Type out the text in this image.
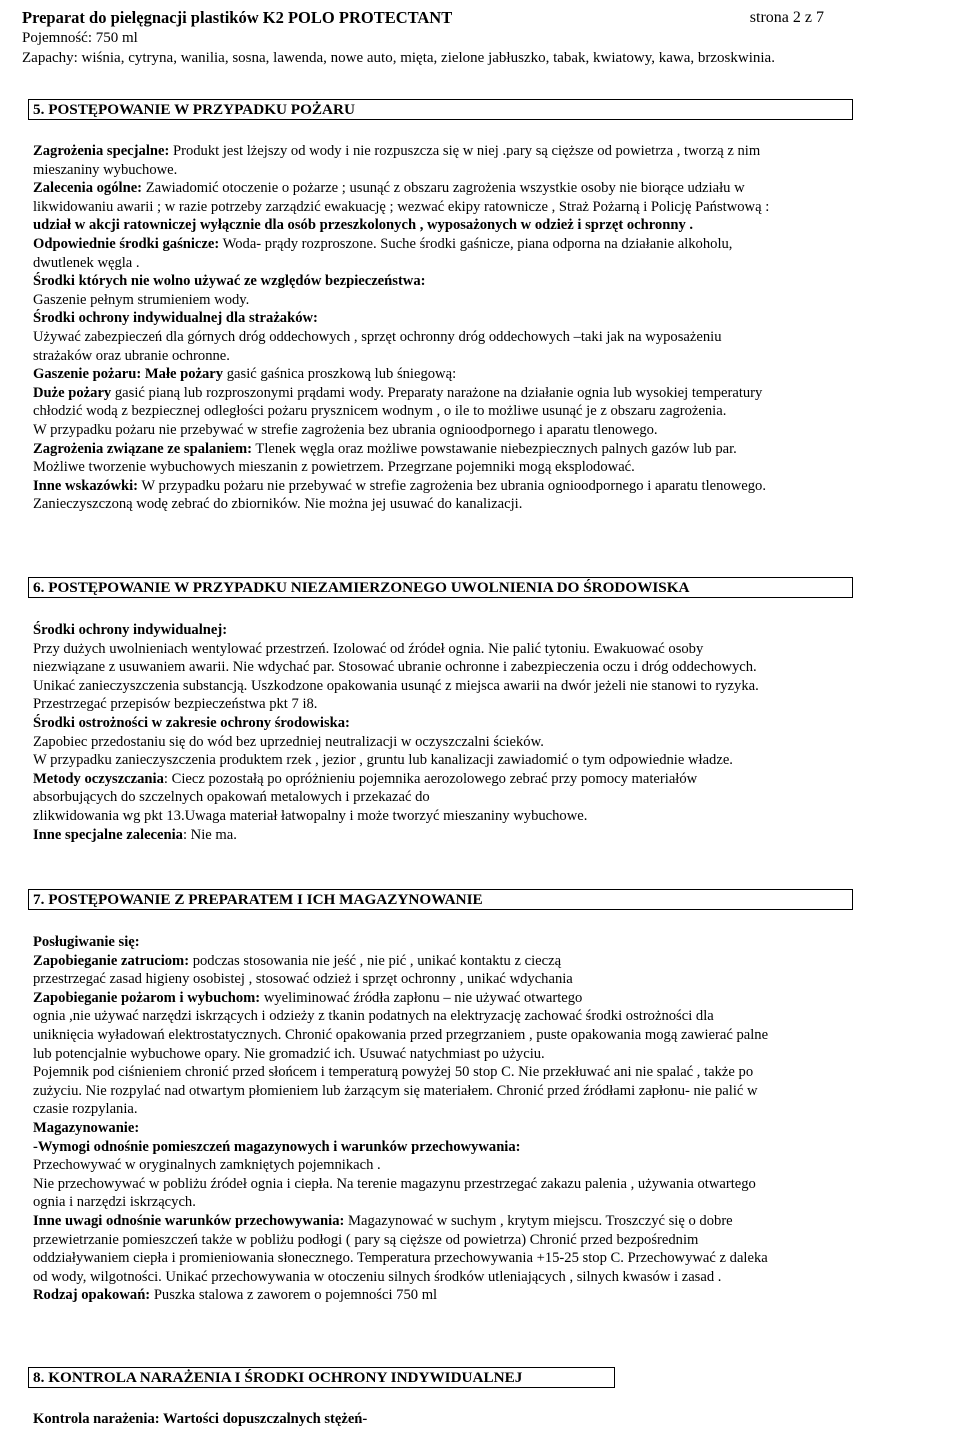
Preparat do pielęgnacji plastików K2 POLO PROTECTANT	strona 2 z 7
Pojemność: 750 ml
Zapachy: wiśnia, cytryna, wanilia, sosna, lawenda, nowe auto, mięta, zielone jabłuszko, tabak, kwiatowy, kawa, brzoskwinia.
5. POSTĘPOWANIE W PRZYPADKU POŻARU

Zagrożenia specjalne: Produkt jest lżejszy od wody i nie rozpuszcza się w niej .pary są cięższe od powietrza , tworzą z nim

mieszaniny wybuchowe.

Zalecenia ogólne: Zawiadomić otoczenie o pożarze ; usunąć z obszaru zagrożenia wszystkie osoby nie biorące udziału w

likwidowaniu awarii ; w razie potrzeby zarządzić ewakuację ; wezwać ekipy ratownicze , Straż Pożarną i Policję Państwową :

udział w akcji ratowniczej wyłącznie dla osób przeszkolonych , wyposażonych w odzież i sprzęt ochronny .

Odpowiednie środki gaśnicze: Woda- prądy rozproszone. Suche środki gaśnicze, piana odporna na działanie alkoholu,

dwutlenek węgla .

Środki których nie wolno używać ze względów bezpieczeństwa:

Gaszenie pełnym strumieniem wody.

Środki ochrony indywidualnej dla strażaków:

Używać zabezpieczeń dla górnych dróg oddechowych , sprzęt ochronny dróg oddechowych –taki jak na wyposażeniu

strażaków oraz ubranie ochronne.

Gaszenie pożaru: Małe pożary gasić gaśnica proszkową lub śniegową:

Duże pożary gasić pianą lub rozproszonymi prądami wody. Preparaty narażone na działanie ognia lub wysokiej temperatury

chłodzić wodą z bezpiecznej odległości pożaru prysznicem wodnym , o ile to możliwe usunąć je z obszaru zagrożenia.

W przypadku pożaru nie przebywać w strefie zagrożenia bez ubrania ognioodpornego i aparatu tlenowego.

Zagrożenia związane ze spalaniem: Tlenek węgla oraz możliwe powstawanie niebezpiecznych palnych gazów lub par.

Możliwe tworzenie wybuchowych mieszanin z powietrzem. Przegrzane pojemniki mogą eksplodować.

Inne wskazówki: W przypadku pożaru nie przebywać w strefie zagrożenia bez ubrania ognioodpornego i aparatu tlenowego.

Zanieczyszczoną wodę zebrać do zbiorników. Nie można jej usuwać do kanalizacji.

6. POSTĘPOWANIE W PRZYPADKU NIEZAMIERZONEGO UWOLNIENIA DO ŚRODOWISKA

Środki ochrony indywidualnej:

Przy dużych uwolnieniach wentylować przestrzeń. Izolować od źródeł ognia. Nie palić tytoniu. Ewakuować osoby

niezwiązane z usuwaniem awarii. Nie wdychać par. Stosować ubranie ochronne i zabezpieczenia oczu i dróg oddechowych.

Unikać zanieczyszczenia substancją. Uszkodzone opakowania usunąć z miejsca awarii na dwór jeżeli nie stanowi to ryzyka.

Przestrzegać przepisów bezpieczeństwa pkt 7 i8.

Środki ostrożności w zakresie ochrony środowiska:

Zapobiec przedostaniu się do wód bez uprzedniej neutralizacji w oczyszczalni ścieków.

W przypadku zanieczyszczenia produktem rzek , jezior , gruntu lub kanalizacji zawiadomić o tym odpowiednie władze.

Metody oczyszczania: Ciecz pozostałą po opróżnieniu pojemnika aerozolowego zebrać przy pomocy materiałów

absorbujących do szczelnych opakowań metalowych i przekazać do

zlikwidowania wg pkt 13.Uwaga materiał łatwopalny i może tworzyć mieszaniny wybuchowe.

Inne specjalne zalecenia: Nie ma.

7. POSTĘPOWANIE Z PREPARATEM I ICH MAGAZYNOWANIE

Posługiwanie się:

Zapobieganie zatruciom: podczas stosowania nie jeść , nie pić , unikać kontaktu z cieczą

przestrzegać zasad higieny osobistej , stosować odzież i sprzęt ochronny , unikać wdychania

Zapobieganie pożarom i wybuchom: wyeliminować źródła zapłonu – nie używać otwartego

ognia ,nie używać narzędzi iskrzących i odzieży z tkanin podatnych na elektryzację zachować środki ostrożności dla

uniknięcia wyładowań elektrostatycznych. Chronić opakowania przed przegrzaniem , puste opakowania mogą zawierać palne

lub potencjalnie wybuchowe opary. Nie gromadzić ich. Usuwać natychmiast po użyciu.

Pojemnik pod ciśnieniem chronić przed słońcem i temperaturą powyżej 50 stop C. Nie przekłuwać ani nie spalać , także po

zużyciu. Nie rozpylać nad otwartym płomieniem lub żarzącym się materiałem. Chronić przed źródłami zapłonu- nie palić w

czasie rozpylania.

Magazynowanie:

-Wymogi odnośnie pomieszczeń magazynowych i warunków przechowywania:

Przechowywać w oryginalnych zamkniętych pojemnikach .

Nie przechowywać w pobliżu źródeł ognia i ciepła. Na terenie magazynu przestrzegać zakazu palenia , używania otwartego

ognia i narzędzi iskrzących.

Inne uwagi odnośnie warunków przechowywania: Magazynować w suchym , krytym miejscu. Troszczyć się o dobre

przewietrzanie pomieszczeń także w pobliżu podłogi ( pary są cięższe od powietrza) Chronić przed bezpośrednim

oddziaływaniem ciepła i promieniowania słonecznego. Temperatura przechowywania +15-25 stop C. Przechowywać z daleka

od wody, wilgotności. Unikać przechowywania w otoczeniu silnych środków utleniających , silnych kwasów i zasad .

Rodzaj opakowań: Puszka stalowa z zaworem o pojemności 750 ml

8. KONTROLA NARAŻENIA I ŚRODKI OCHRONY INDYWIDUALNEJ

Kontrola narażenia: Wartości dopuszczalnych stężeń-
